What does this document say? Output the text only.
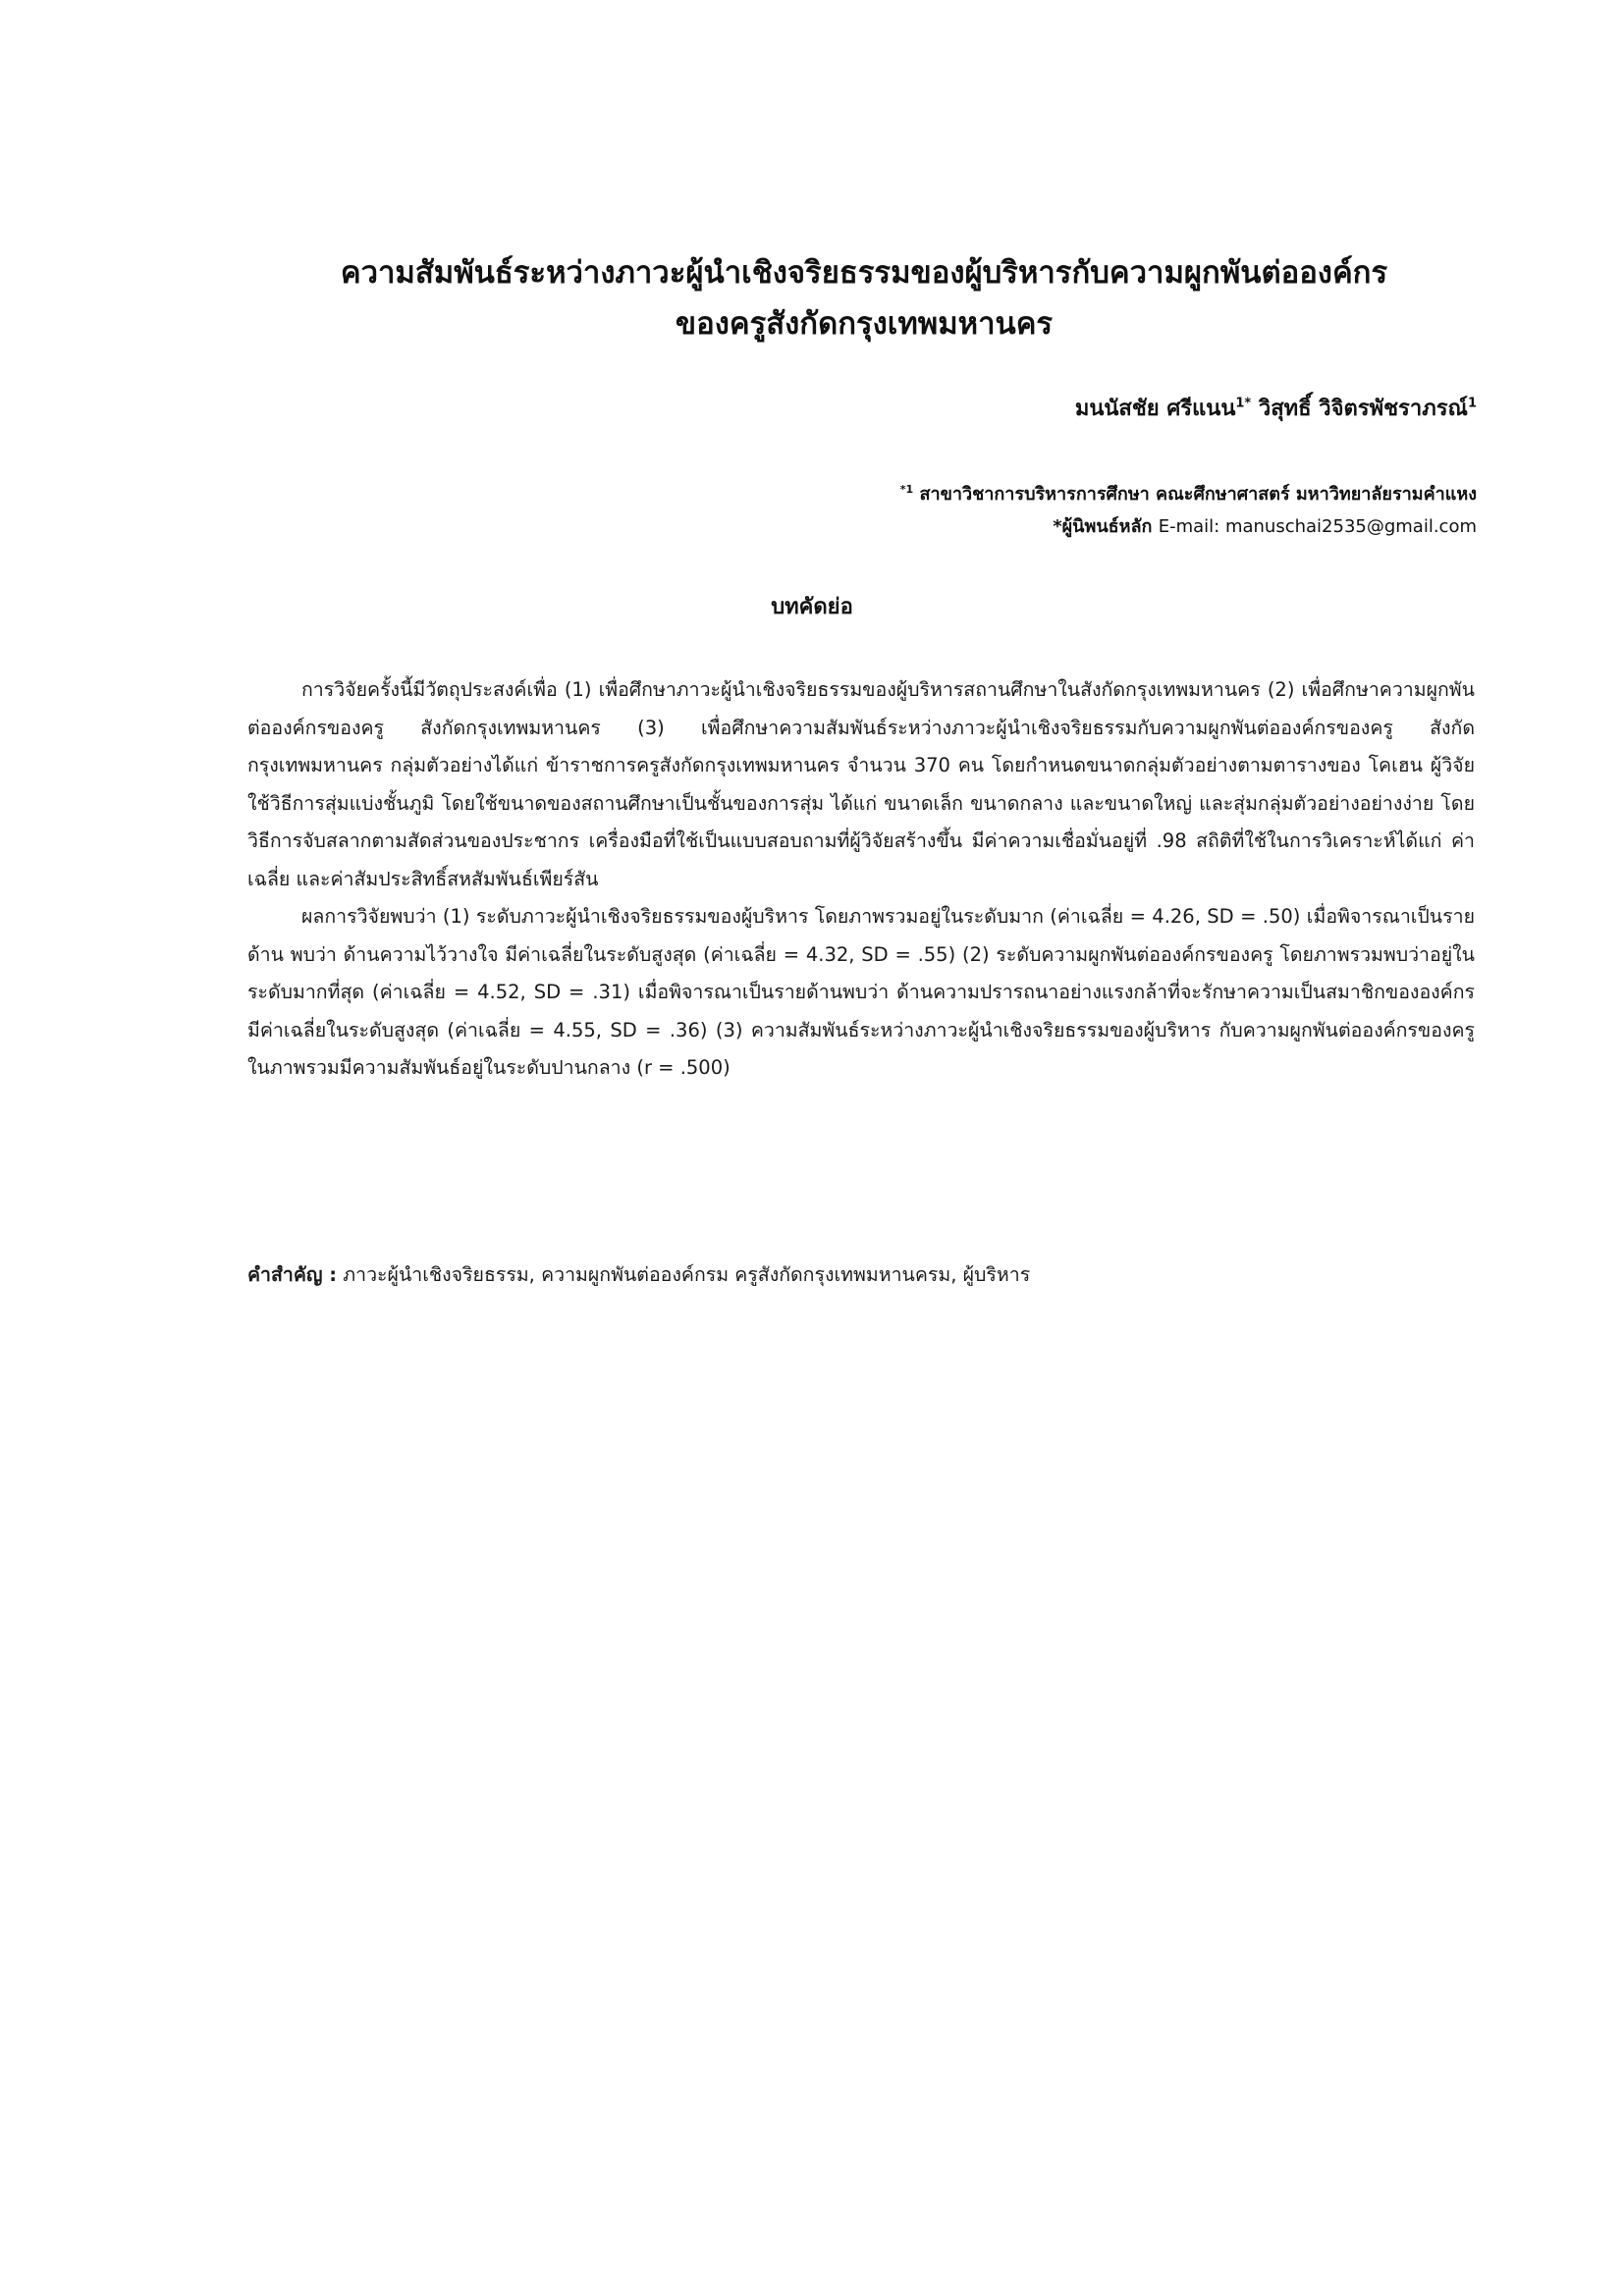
ความสัมพันธ์ระหว่างภาวะผู้นำเชิงจริยธรรมของผู้บริหารกับความผูกพันต่อองค์กร
ของครูสังกัดกรุงเทพมหานคร
มนนัสชัย ศรีแนน$^{1*}$ วิสุทธิ์ วิจิตรพัชราภรณ์$^1$
$^{*1}$ สาขาวิชาการบริหารการศึกษา คณะศึกษาศาสตร์ มหาวิทยาลัยรามคำแหง
*ผู้นิพนธ์หลัก E-mail: manuschai2535@gmail.com
บทคัดย่อ

การวิจัยครั้งนี้มีวัตถุประสงค์เพื่อ (1) เพื่อศึกษาภาวะผู้นำเชิงจริยธรรมของผู้บริหารสถานศึกษาในสังกัดกรุงเทพมหานคร (2) เพื่อศึกษาความผูกพันต่อองค์กรของครู สังกัดกรุงเทพมหานคร (3) เพื่อศึกษาความสัมพันธ์ระหว่างภาวะผู้นำเชิงจริยธรรมกับความผูกพันต่อองค์กรของครู สังกัดกรุงเทพมหานคร กลุ่มตัวอย่างได้แก่ ข้าราชการครูสังกัดกรุงเทพมหานคร จำนวน 370 คน โดยกำหนดขนาดกลุ่มตัวอย่างตามตารางของ โคเฮน ผู้วิจัยใช้วิธีการสุ่มแบ่งชั้นภูมิ โดยใช้ขนาดของสถานศึกษาเป็นชั้นของการสุ่ม ได้แก่ ขนาดเล็ก ขนาดกลาง และขนาดใหญ่ และสุ่มกลุ่มตัวอย่างอย่างง่าย โดยวิธีการจับสลากตามสัดส่วนของประชากร เครื่องมือที่ใช้เป็นแบบสอบถามที่ผู้วิจัยสร้างขึ้น มีค่าความเชื่อมั่นอยู่ที่ .98 สถิติที่ใช้ในการวิเคราะห์ได้แก่ ค่าเฉลี่ย และค่าสัมประสิทธิ์สหสัมพันธ์เพียร์สัน

ผลการวิจัยพบว่า (1) ระดับภาวะผู้นำเชิงจริยธรรมของผู้บริหาร โดยภาพรวมอยู่ในระดับมาก (ค่าเฉลี่ย = 4.26, SD = .50) เมื่อพิจารณาเป็นรายด้าน พบว่า ด้านความไว้วางใจ มีค่าเฉลี่ยในระดับสูงสุด (ค่าเฉลี่ย = 4.32, SD = .55) (2) ระดับความผูกพันต่อองค์กรของครู โดยภาพรวมพบว่าอยู่ในระดับมากที่สุด (ค่าเฉลี่ย = 4.52, SD = .31) เมื่อพิจารณาเป็นรายด้านพบว่า ด้านความปรารถนาอย่างแรงกล้าที่จะรักษาความเป็นสมาชิกขององค์กร มีค่าเฉลี่ยในระดับสูงสุด (ค่าเฉลี่ย = 4.55, SD = .36) (3) ความสัมพันธ์ระหว่างภาวะผู้นำเชิงจริยธรรมของผู้บริหาร กับความผูกพันต่อองค์กรของครู ในภาพรวมมีความสัมพันธ์อยู่ในระดับปานกลาง (r = .500)

คำสำคัญ : ภาวะผู้นำเชิงจริยธรรม, ความผูกพันต่อองค์กรม ครูสังกัดกรุงเทพมหานครม, ผู้บริหาร
